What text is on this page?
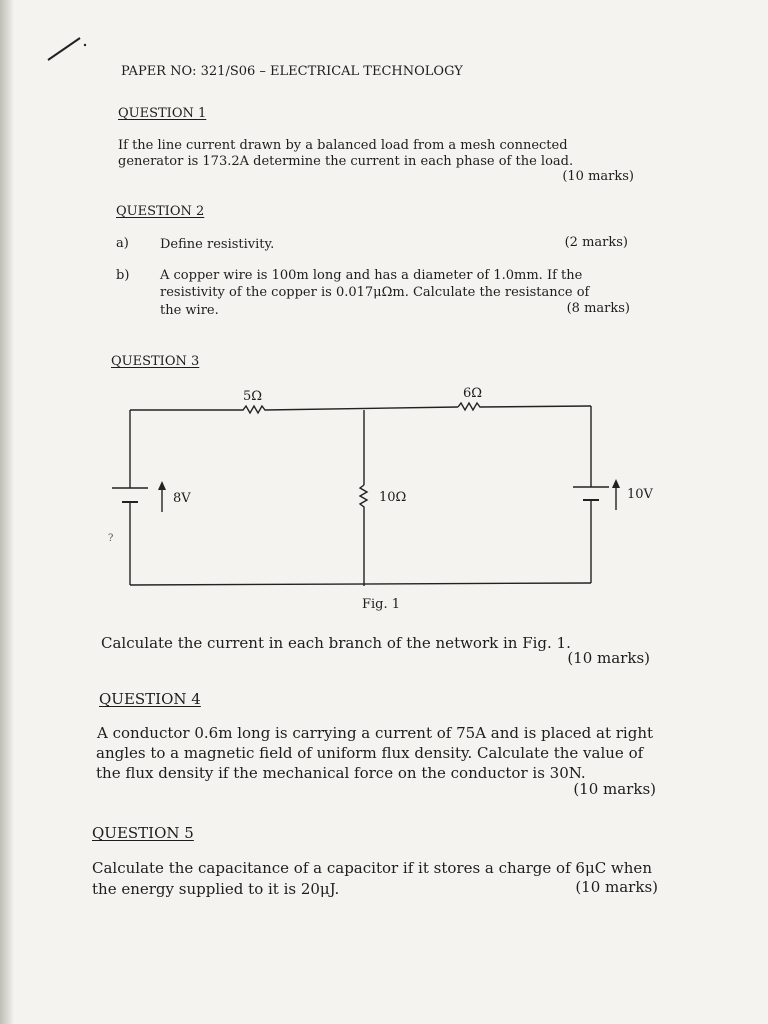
PAPER NO: 321/S06 – ELECTRICAL TECHNOLOGY
QUESTION 1
If the line current drawn by a balanced load from a mesh connected
generator is 173.2A determine the current in each phase of the load.
(10 marks)
QUESTION 2
a) Define resistivity.	(2 marks)
b) A copper wire is 100m long and has a diameter of 1.0mm. If the
resistivity of the copper is 0.017μΩm. Calculate the resistance of
the wire.	(8 marks)
QUESTION 3
?
5Ω	6Ω
10Ω
8V	10V
Fig. 1
Calculate the current in each branch of the network in Fig. 1.
(10 marks)
QUESTION 4
A conductor 0.6m long is carrying a current of 75A and is placed at right
angles to a magnetic field of uniform flux density. Calculate the value of
the flux density if the mechanical force on the conductor is 30N.
(10 marks)
QUESTION 5
Calculate the capacitance of a capacitor if it stores a charge of 6μC when
the energy supplied to it is 20μJ.	(10 marks)
